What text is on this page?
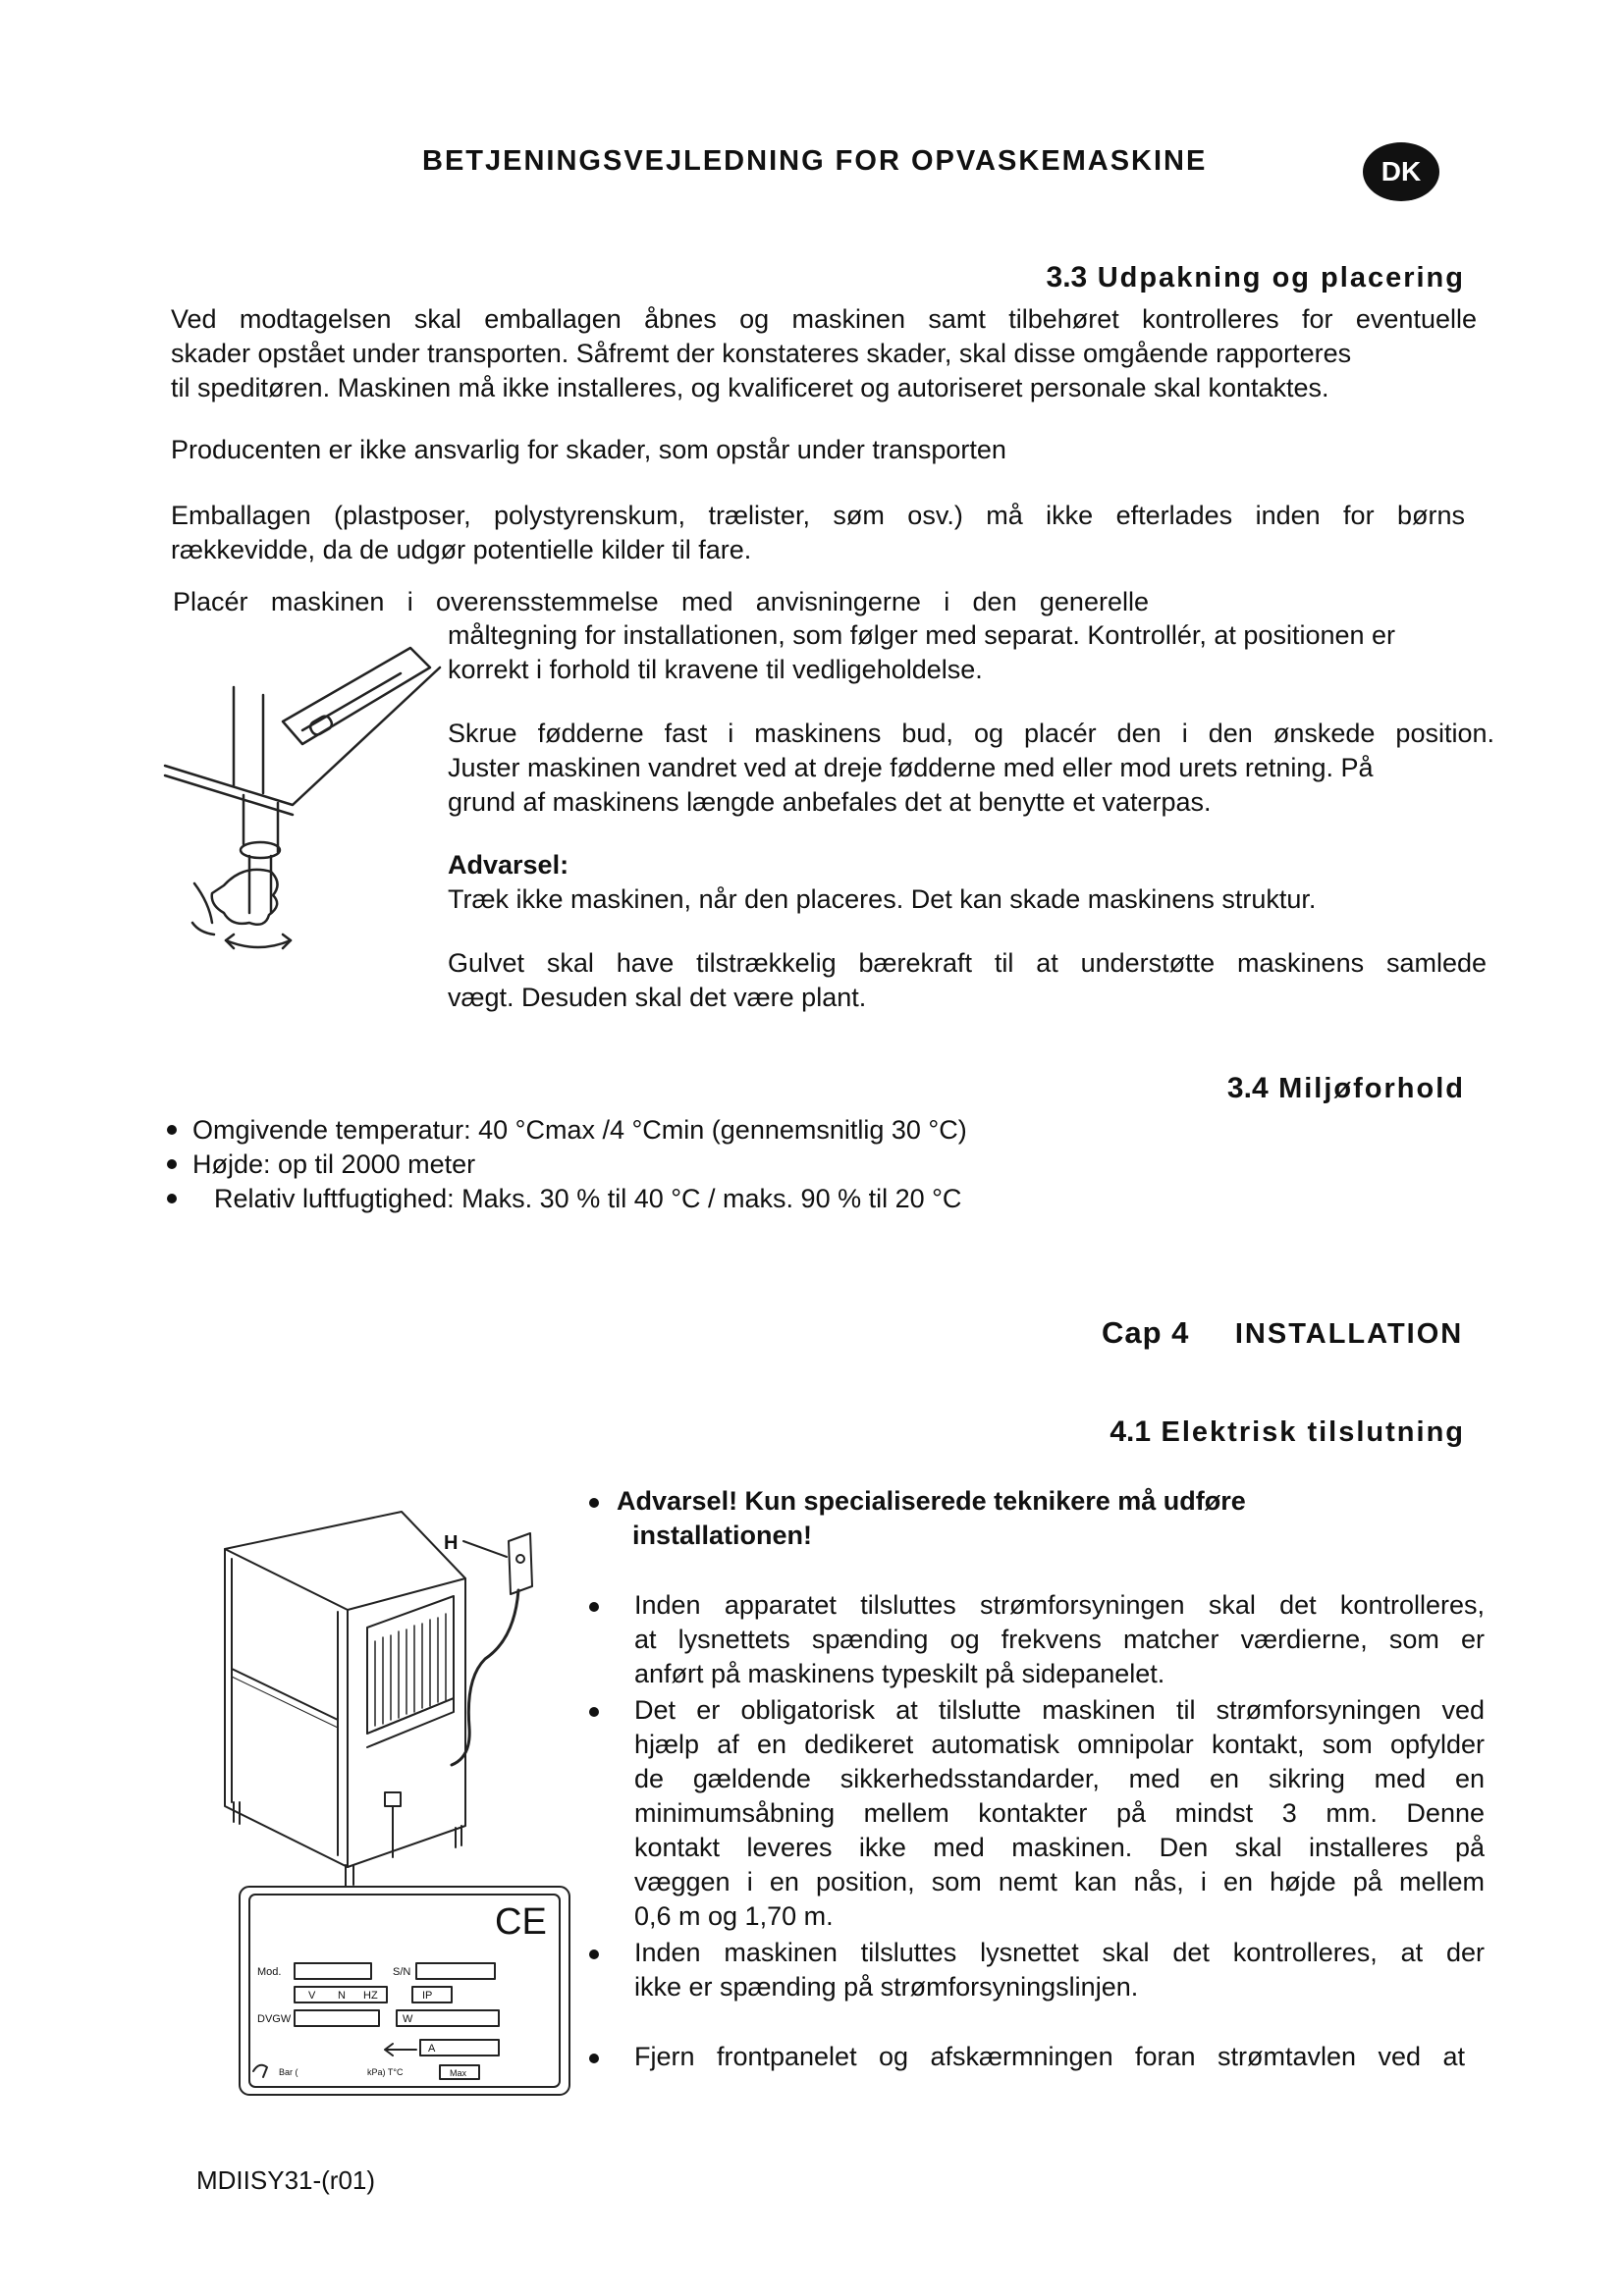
BETJENINGSVEJLEDNING FOR OPVASKEMASKINE	DK
3.3 Udpakning og placering

Ved modtagelsen skal emballagen åbnes og maskinen samt tilbehøret kontrolleres for eventuelle

skader opstået under transporten. Såfremt der konstateres skader, skal disse omgående rapporteres

til speditøren. Maskinen må ikke installeres, og kvalificeret og autoriseret personale skal kontaktes.

Producenten er ikke ansvarlig for skader, som opstår under transporten

Emballagen (plastposer, polystyrenskum, trælister, søm osv.) må ikke efterlades inden for børns

rækkevidde, da de udgør potentielle kilder til fare.

Placér maskinen i overensstemmelse med anvisningerne i den generelle

måltegning for installationen, som følger med separat. Kontrollér, at positionen er

korrekt i forhold til kravene til vedligeholdelse.

Skrue fødderne fast i maskinens bud, og placér den i den ønskede position.

Juster maskinen vandret ved at dreje fødderne med eller mod urets retning. På

grund af maskinens længde anbefales det at benytte et vaterpas.

Advarsel:

Træk ikke maskinen, når den placeres. Det kan skade maskinens struktur.

Gulvet skal have tilstrækkelig bærekraft til at understøtte maskinens samlede

vægt. Desuden skal det være plant.

3.4 Miljøforhold
Omgivende temperatur: 40 °Cmax /4 °Cmin (gennemsnitlig 30 °C)
Højde: op til 2000 meter
Relativ luftfugtighed: Maks. 30 % til 40 °C / maks. 90 % til 20 °C
Cap 4 INSTALLATION
4.1 Elektrisk tilslutning

Advarsel! Kun specialiserede teknikere må udføre

installationen!

Inden apparatet tilsluttes strømforsyningen skal det kontrolleres,

at lysnettets spænding og frekvens matcher værdierne, som er

anført på maskinens typeskilt på sidepanelet.

Det er obligatorisk at tilslutte maskinen til strømforsyningen ved

hjælp af en dedikeret automatisk omnipolar kontakt, som opfylder

de gældende sikkerhedsstandarder, med en sikring med en

minimumsåbning mellem kontakter på mindst 3 mm. Denne

kontakt leveres ikke med maskinen. Den skal installeres på

væggen i en position, som nemt kan nås, i en højde på mellem

0,6 m og 1,70 m.

Inden maskinen tilsluttes lysnettet skal det kontrolleres, at der

ikke er spænding på strømforsyningslinjen.

Fjern frontpanelet og afskærmningen foran strømtavlen ved at

H
CE
Mod.	S/N
V N HZ	IP
DVGW	W
A
Bar (	kPa) T°C	Max
MDIISY31-(r01)
